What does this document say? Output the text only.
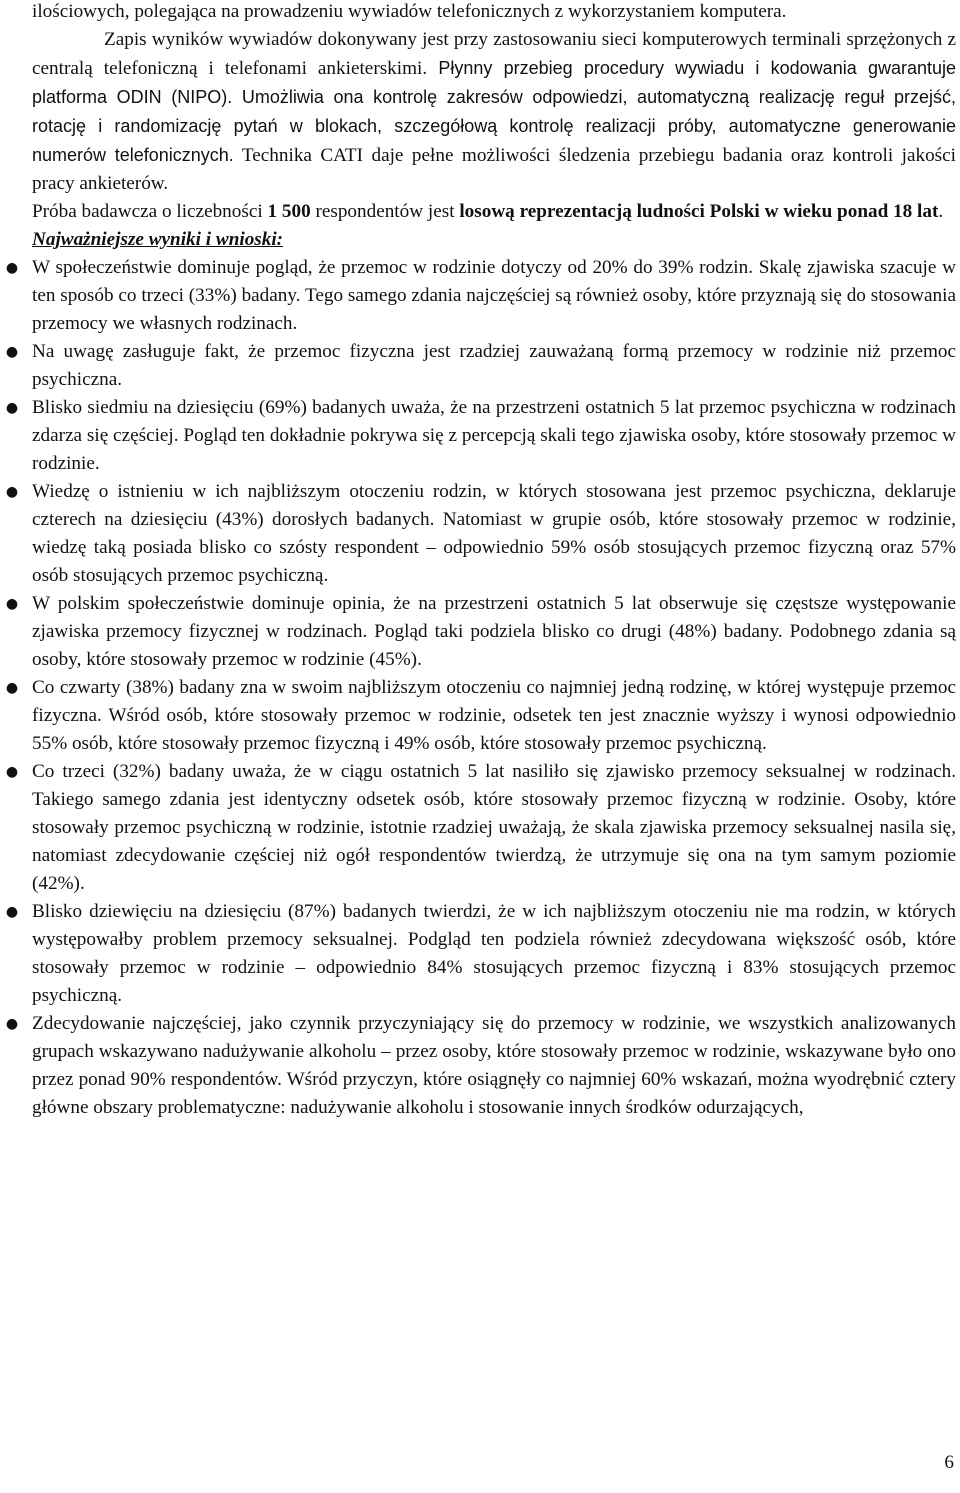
ilościowych, polegająca na prowadzeniu wywiadów telefonicznych z wykorzystaniem komputera.

Zapis wyników wywiadów dokonywany jest przy zastosowaniu sieci komputerowych terminali sprzężonych z centralą telefoniczną i telefonami ankieterskimi. Płynny przebieg procedury wywiadu i kodowania gwarantuje platforma ODIN (NIPO). Umożliwia ona kontrolę zakresów odpowiedzi, automatyczną realizację reguł przejść, rotację i randomizację pytań w blokach, szczegółową kontrolę realizacji próby, automatyczne generowanie numerów telefonicznych. Technika CATI daje pełne możliwości śledzenia przebiegu badania oraz kontroli jakości pracy ankieterów.

Próba badawcza o liczebności 1 500 respondentów jest losową reprezentacją ludności Polski w wieku ponad 18 lat.

Najważniejsze wyniki i wnioski:

● W społeczeństwie dominuje pogląd, że przemoc w rodzinie dotyczy od 20% do 39% rodzin. Skalę zjawiska szacuje w ten sposób co trzeci (33%) badany. Tego samego zdania najczęściej są również osoby, które przyznają się do stosowania przemocy we własnych rodzinach.
● Na uwagę zasługuje fakt, że przemoc fizyczna jest rzadziej zauważaną formą przemocy w rodzinie niż przemoc psychiczna.
● Blisko siedmiu na dziesięciu (69%) badanych uważa, że na przestrzeni ostatnich 5 lat przemoc psychiczna w rodzinach zdarza się częściej. Pogląd ten dokładnie pokrywa się z percepcją skali tego zjawiska osoby, które stosowały przemoc w rodzinie.
● Wiedzę o istnieniu w ich najbliższym otoczeniu rodzin, w których stosowana jest przemoc psychiczna, deklaruje czterech na dziesięciu (43%) dorosłych badanych. Natomiast w grupie osób, które stosowały przemoc w rodzinie, wiedzę taką posiada blisko co szósty respondent – odpowiednio 59% osób stosujących przemoc fizyczną oraz 57% osób stosujących przemoc psychiczną.
● W polskim społeczeństwie dominuje opinia, że na przestrzeni ostatnich 5 lat obserwuje się częstsze występowanie zjawiska przemocy fizycznej w rodzinach. Pogląd taki podziela blisko co drugi (48%) badany. Podobnego zdania są osoby, które stosowały przemoc w rodzinie (45%).
● Co czwarty (38%) badany zna w swoim najbliższym otoczeniu co najmniej jedną rodzinę, w której występuje przemoc fizyczna. Wśród osób, które stosowały przemoc w rodzinie, odsetek ten jest znacznie wyższy i wynosi odpowiednio 55% osób, które stosowały przemoc fizyczną i 49% osób, które stosowały przemoc psychiczną.
● Co trzeci (32%) badany uważa, że w ciągu ostatnich 5 lat nasiliło się zjawisko przemocy seksualnej w rodzinach. Takiego samego zdania jest identyczny odsetek osób, które stosowały przemoc fizyczną w rodzinie. Osoby, które stosowały przemoc psychiczną w rodzinie, istotnie rzadziej uważają, że skala zjawiska przemocy seksualnej nasila się, natomiast zdecydowanie częściej niż ogół respondentów twierdzą, że utrzymuje się ona na tym samym poziomie (42%).
● Blisko dziewięciu na dziesięciu (87%) badanych twierdzi, że w ich najbliższym otoczeniu nie ma rodzin, w których występowałby problem przemocy seksualnej. Podgląd ten podziela również zdecydowana większość osób, które stosowały przemoc w rodzinie – odpowiednio 84% stosujących przemoc fizyczną i 83% stosujących przemoc psychiczną.
● Zdecydowanie najczęściej, jako czynnik przyczyniający się do przemocy w rodzinie, we wszystkich analizowanych grupach wskazywano nadużywanie alkoholu – przez osoby, które stosowały przemoc w rodzinie, wskazywane było ono przez ponad 90% respondentów. Wśród przyczyn, które osiągnęły co najmniej 60% wskazań, można wyodrębnić cztery główne obszary problematyczne: nadużywanie alkoholu i stosowanie innych środków odurzających,
6
